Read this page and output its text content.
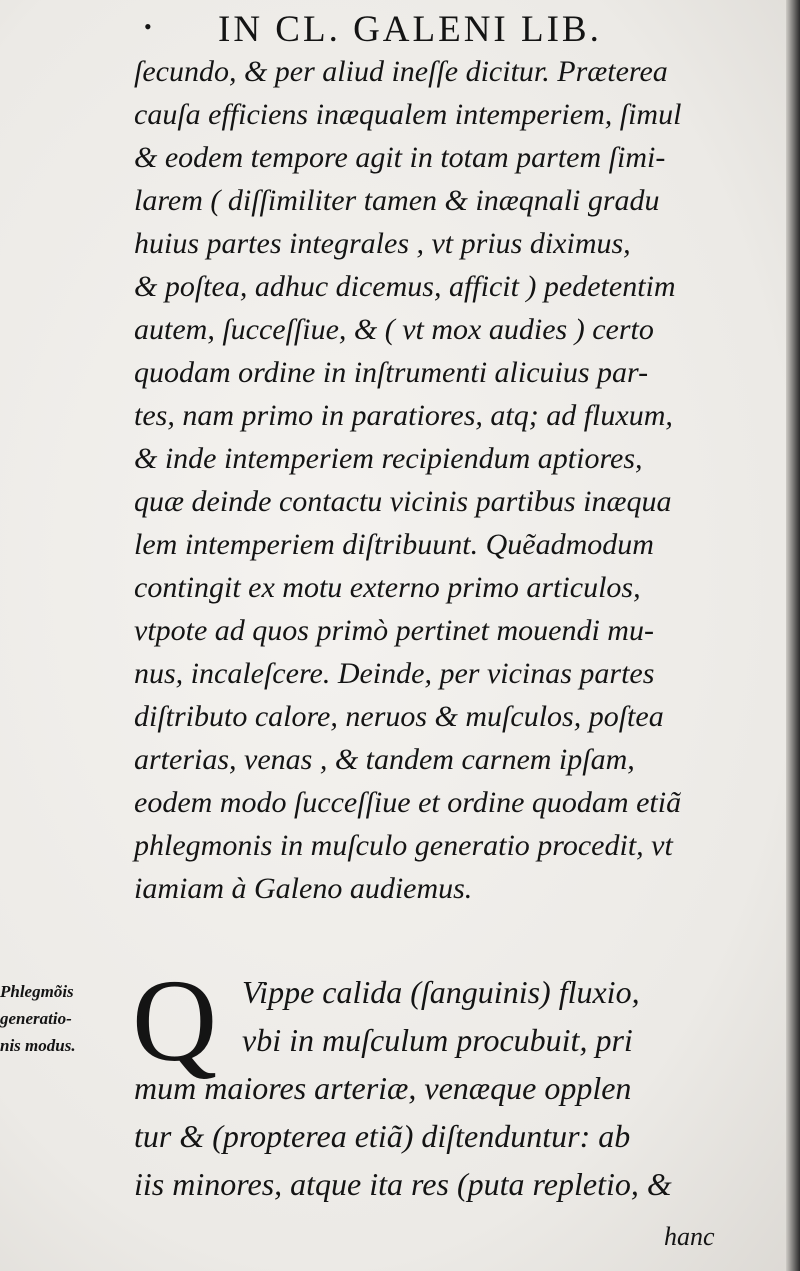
• IN CL. GALENI LIB.
ſecundo, & per aliud ineſſe dicitur. Præterea
cauſa efficiens inæqualem intemperiem, ſimul
& eodem tempore agit in totam partem ſimi-
larem ( diſſimiliter tamen & inæqnali gradu
huius partes integrales , vt prius diximus,
& poſtea, adhuc dicemus, afficit ) pedetentim
autem, ſucceſſiue, & ( vt mox audies ) certo
quodam ordine in inſtrumenti alicuius par-
tes, nam primo in paratiores, atq; ad fluxum,
& inde intemperiem recipiendum aptiores,
quæ deinde contactu vicinis partibus inæqua
lem intemperiem diſtribuunt. Quẽadmodum
contingit ex motu externo primo articulos,
vtpote ad quos primò pertinet mouendi mu-
nus, incaleſcere. Deinde, per vicinas partes
diſtributo calore, neruos & muſculos, poſtea
arterias, venas , & tandem carnem ipſam,
eodem modo ſucceſſiue et ordine quodam etiã
phlegmonis in muſculo generatio procedit, vt
iamiam à Galeno audiemus.
Phlegmõis
generatio-
nis modus. Q Vippe calida (ſanguinis) fluxio,
vbi in muſculum procubuit, pri
mum maiores arteriæ, venæque opplen
tur & (propterea etiã) diſtenduntur: ab
iis minores, atque ita res (puta repletio, &
hanc
